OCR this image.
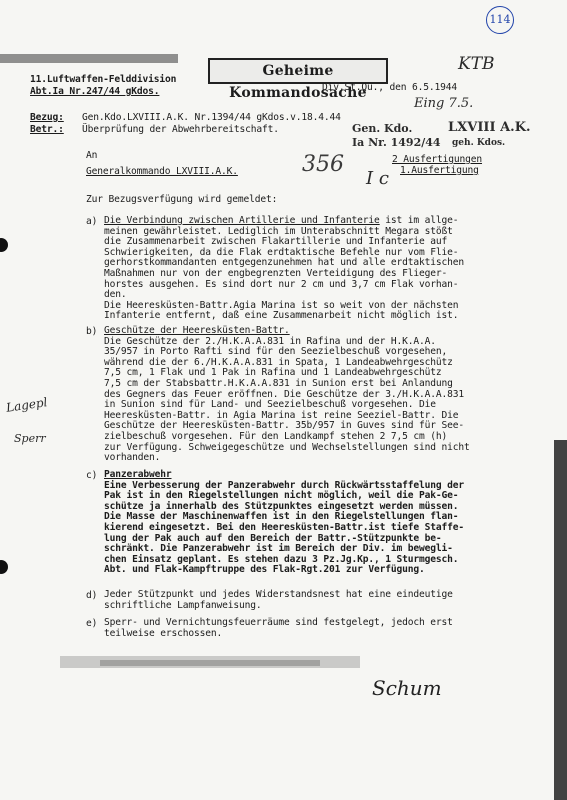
114
KTB
Geheime Kommandosache
11.Luftwaffen-Felddivision
Abt.Ia Nr.247/44 gKdos.	Div.St.Qu., den 6.5.1944
Eing 7.5.
Bezug: Gen.Kdo.LXVIII.A.K. Nr.1394/44 gKdos.v.18.4.44
Betr.: Überprüfung der Abwehrbereitschaft.	Gen. Kdo.	LXVIII A.K.
Ia Nr. 1492/44 geh. Kdos.
An
Generalkommando LXVIII.A.K.	356	2 Ausfertigungen
1.Ausfertigung
I c
Zur Bezugsverfügung wird gemeldet:
a) Die Verbindung zwischen Artillerie und Infanterie ist im allge-
meinen gewährleistet. Lediglich im Unterabschnitt Megara stößt
die Zusammenarbeit zwischen Flakartillerie und Infanterie auf
Schwierigkeiten, da die Flak erdtaktische Befehle nur vom Flie-
gerhorstkommandanten entgegenzunehmen hat und alle erdtaktischen
Maßnahmen nur von der engbegrenzten Verteidigung des Flieger-
horstes ausgehen. Es sind dort nur 2 cm und 3,7 cm Flak vorhan-
den.
Die Heeresküsten-Battr.Agia Marina ist so weit von der nächsten
Infanterie entfernt, daß eine Zusammenarbeit nicht möglich ist.
b) Geschütze der Heeresküsten-Battr.
Die Geschütze der 2./H.K.A.A.831 in Rafina und der H.K.A.A.
35/957 in Porto Rafti sind für den Seezielbeschuß vorgesehen,
während die der 6./H.K.A.A.831 in Spata, 1 Landeabwehrgeschütz
7,5 cm, 1 Flak und 1 Pak in Rafina und 1 Landeabwehrgeschütz
7,5 cm der Stabsbattr.H.K.A.A.831 in Sunion erst bei Anlandung
des Gegners das Feuer eröffnen. Die Geschütze der 3./H.K.A.A.831
in Sunion sind für Land- und Seezielbeschuß vorgesehen. Die
Heeresküsten-Battr. in Agia Marina ist reine Seeziel-Battr. Die
Geschütze der Heeresküsten-Battr. 35b/957 in Guves sind für See-
zielbeschuß vorgesehen. Für den Landkampf stehen 2 7,5 cm (h)
zur Verfügung. Schweigegeschütze und Wechselstellungen sind nicht
vorhanden.
Lagepl
Sperr
c) Panzerabwehr
Eine Verbesserung der Panzerabwehr durch Rückwärtsstaffelung der
Pak ist in den Riegelstellungen nicht möglich, weil die Pak-Ge-
schütze ja innerhalb des Stützpunktes eingesetzt werden müssen.
Die Masse der Maschinenwaffen ist in den Riegelstellungen flan-
kierend eingesetzt. Bei den Heeresküsten-Battr.ist tiefe Staffe-
lung der Pak auch auf den Bereich der Battr.-Stützpunkte be-
schränkt. Die Panzerabwehr ist im Bereich der Div. im bewegli-
chen Einsatz geplant. Es stehen dazu 3 Pz.Jg.Kp., 1 Sturmgesch.
Abt. und Flak-Kampftruppe des Flak-Rgt.201 zur Verfügung.
d) Jeder Stützpunkt und jedes Widerstandsnest hat eine eindeutige
schriftliche Lampfanweisung.
e) Sperr- und Vernichtungsfeuerräume sind festgelegt, jedoch erst
teilweise erschossen.
Schum
